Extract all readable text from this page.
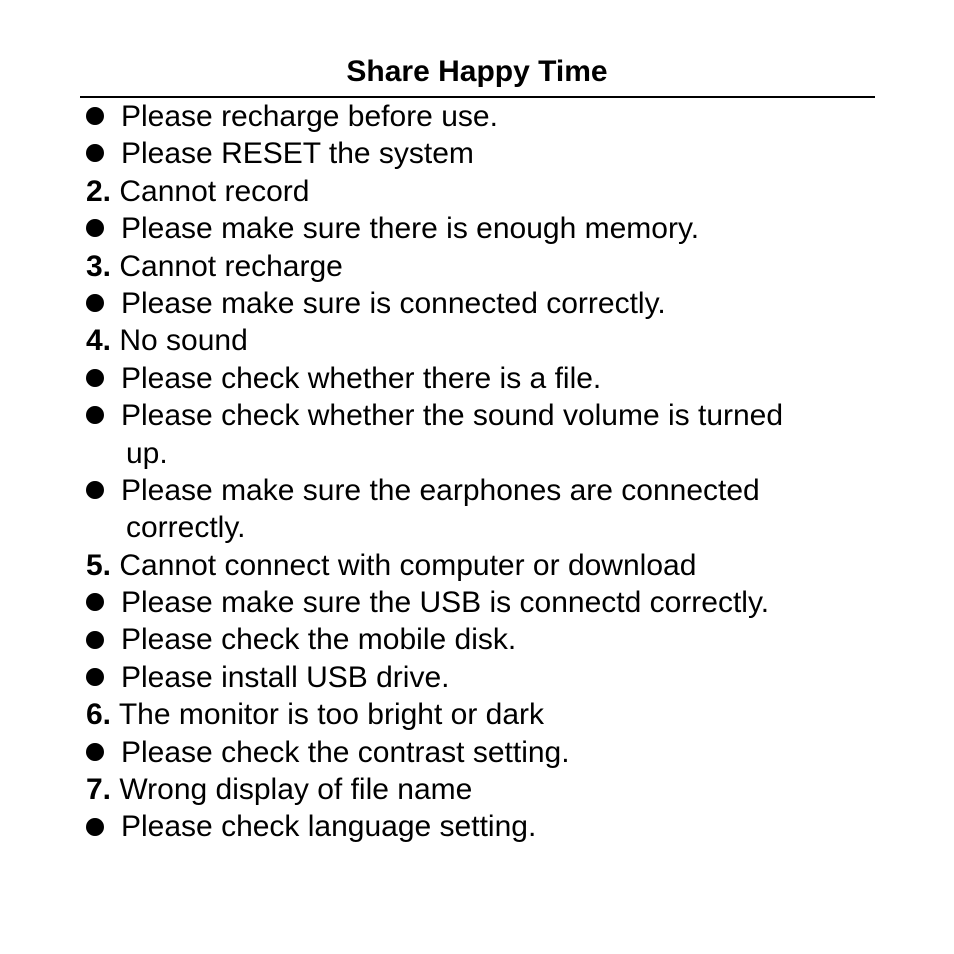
Share Happy Time
Please recharge before use.
Please RESET the system
2. Cannot record
Please make sure there is enough memory.
3. Cannot recharge
Please make sure is connected correctly.
4. No sound
Please check whether there is a file.
Please check whether the sound volume is turned
up.
Please make sure the earphones are connected
correctly.
5. Cannot connect with computer or download
Please make sure the USB is connectd correctly.
Please check the mobile disk.
Please install USB drive.
6. The monitor is too bright or dark
Please check the contrast setting.
7. Wrong display of file name
Please check language setting.
